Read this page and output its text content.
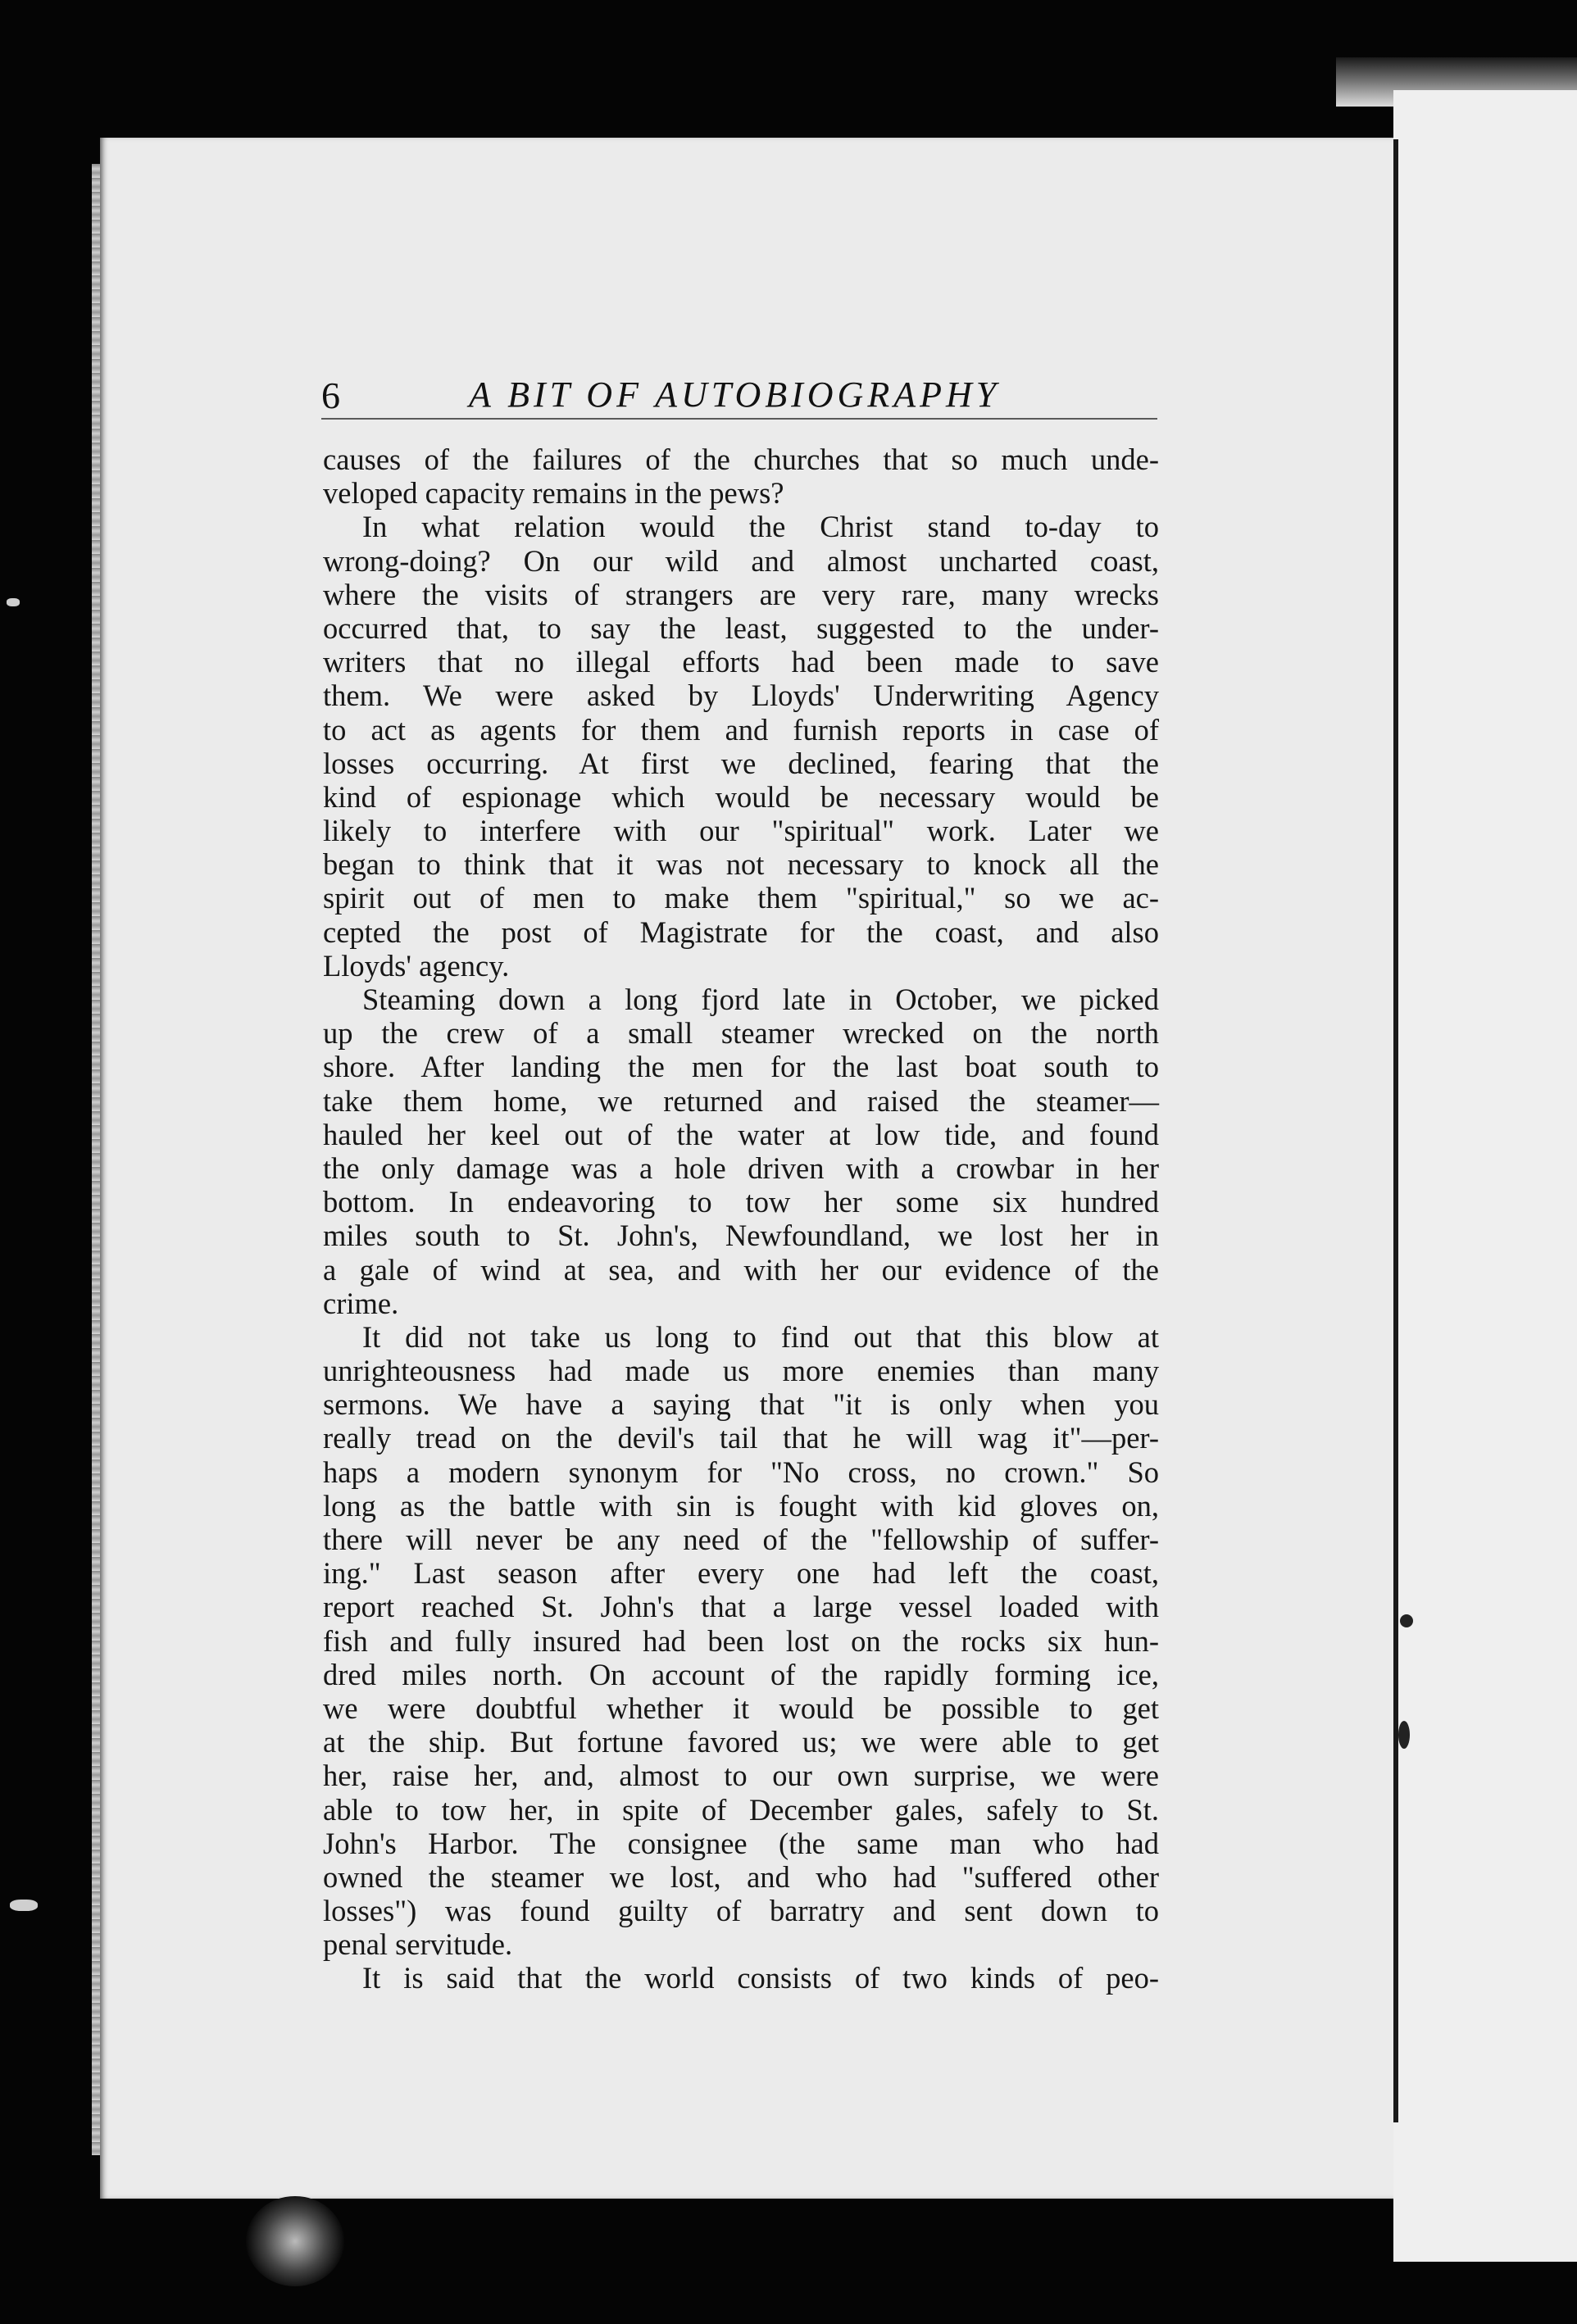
6	A BIT OF AUTOBIOGRAPHY
causes of the failures of the churches that so much unde-
veloped capacity remains in the pews?
In what relation would the Christ stand to-day to
wrong-doing? On our wild and almost uncharted coast,
where the visits of strangers are very rare, many wrecks
occurred that, to say the least, suggested to the under-
writers that no illegal efforts had been made to save
them. We were asked by Lloyds' Underwriting Agency
to act as agents for them and furnish reports in case of
losses occurring. At first we declined, fearing that the
kind of espionage which would be necessary would be
likely to interfere with our "spiritual" work. Later we
began to think that it was not necessary to knock all the
spirit out of men to make them "spiritual," so we ac-
cepted the post of Magistrate for the coast, and also
Lloyds' agency.
Steaming down a long fjord late in October, we picked
up the crew of a small steamer wrecked on the north
shore. After landing the men for the last boat south to
take them home, we returned and raised the steamer—
hauled her keel out of the water at low tide, and found
the only damage was a hole driven with a crowbar in her
bottom. In endeavoring to tow her some six hundred
miles south to St. John's, Newfoundland, we lost her in
a gale of wind at sea, and with her our evidence of the
crime.
It did not take us long to find out that this blow at
unrighteousness had made us more enemies than many
sermons. We have a saying that "it is only when you
really tread on the devil's tail that he will wag it"—per-
haps a modern synonym for "No cross, no crown." So
long as the battle with sin is fought with kid gloves on,
there will never be any need of the "fellowship of suffer-
ing." Last season after every one had left the coast,
report reached St. John's that a large vessel loaded with
fish and fully insured had been lost on the rocks six hun-
dred miles north. On account of the rapidly forming ice,
we were doubtful whether it would be possible to get
at the ship. But fortune favored us; we were able to get
her, raise her, and, almost to our own surprise, we were
able to tow her, in spite of December gales, safely to St.
John's Harbor. The consignee (the same man who had
owned the steamer we lost, and who had "suffered other
losses") was found guilty of barratry and sent down to
penal servitude.
It is said that the world consists of two kinds of peo-
